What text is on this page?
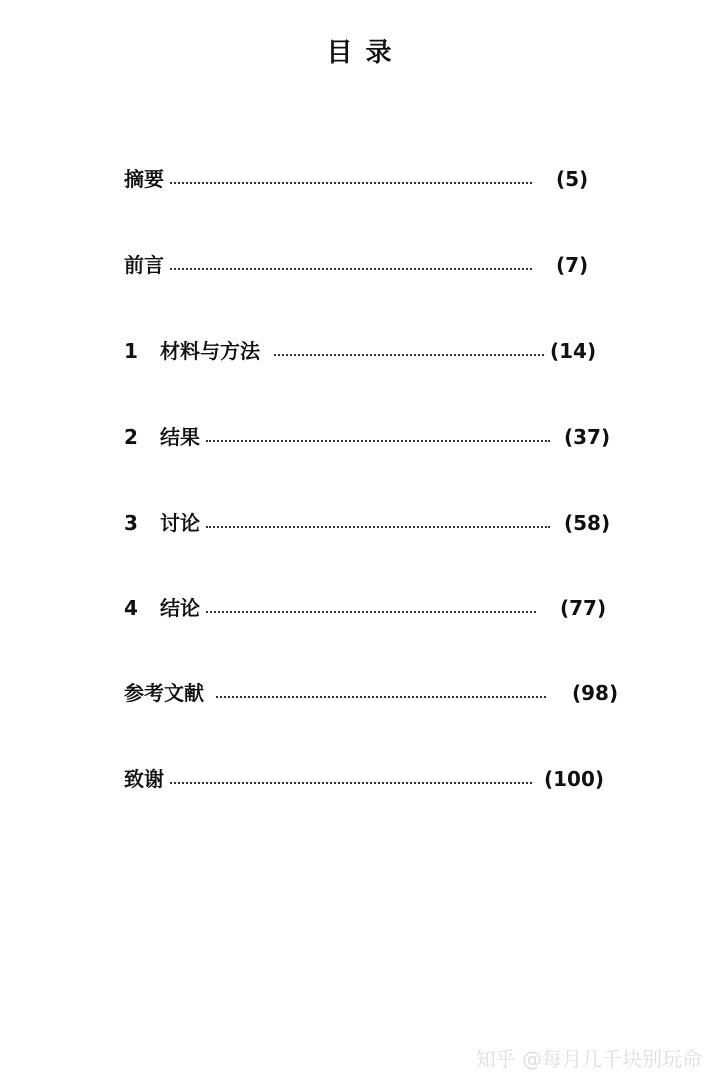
目 录
摘要	(5)
前言	(7)
1 材料与方法	(14)
2 结果	(37)
3 讨论	(58)
4 结论	(77)
参考文献	(98)
致谢	(100)
知乎 @每月几千块别玩命
